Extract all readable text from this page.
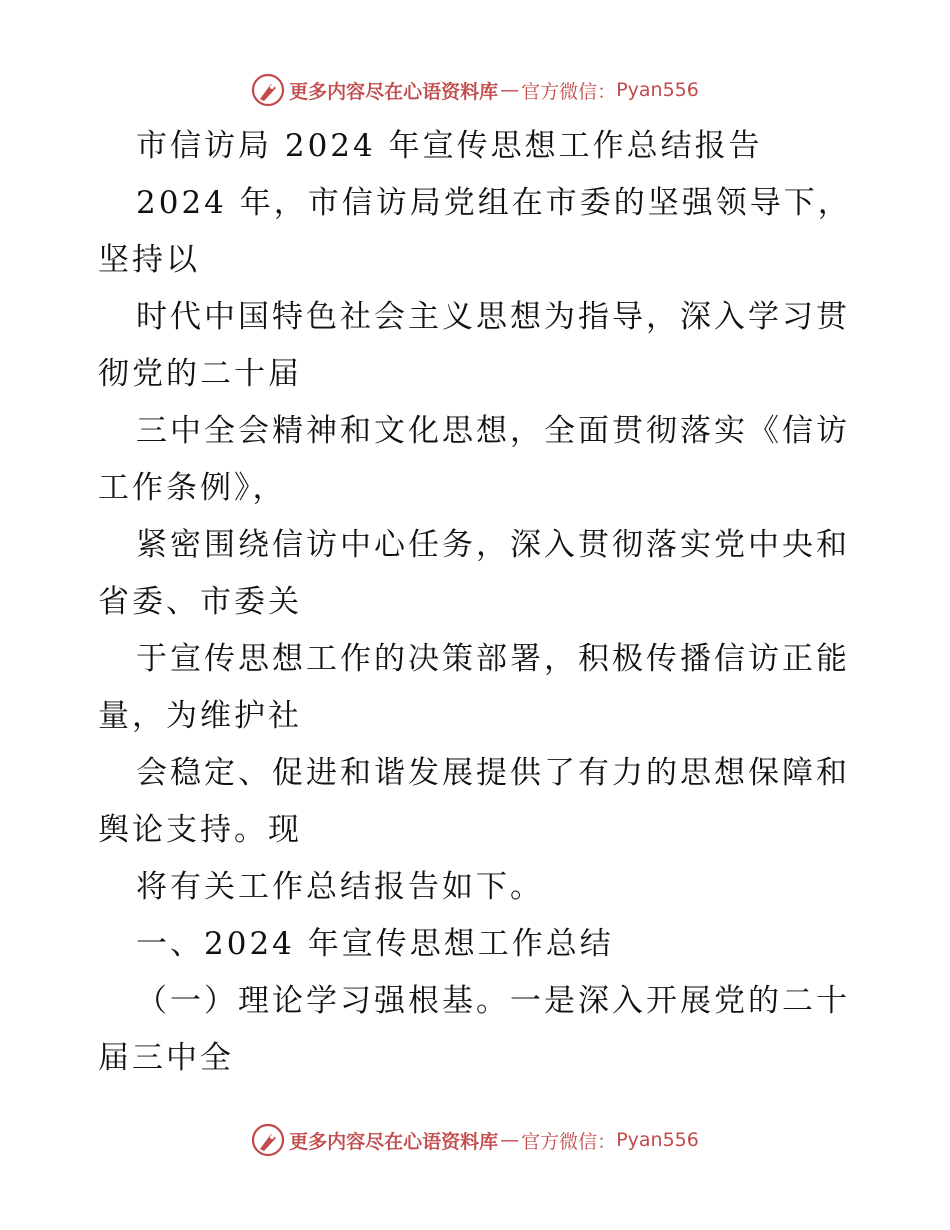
更多内容尽在心语资料库 — 官方微信： Pyan556
市信访局 2024 年宣传思想工作总结报告
2024 年，市信访局党组在市委的坚强领导下，
坚持以
时代中国特色社会主义思想为指导，深入学习贯
彻党的二十届
三中全会精神和文化思想，全面贯彻落实《信访
工作条例》，
紧密围绕信访中心任务，深入贯彻落实党中央和
省委、市委关
于宣传思想工作的决策部署，积极传播信访正能
量，为维护社
会稳定、促进和谐发展提供了有力的思想保障和
舆论支持。现
将有关工作总结报告如下。
一、2024 年宣传思想工作总结
（一）理论学习强根基。一是深入开展党的二十
届三中全
更多内容尽在心语资料库 — 官方微信： Pyan556
